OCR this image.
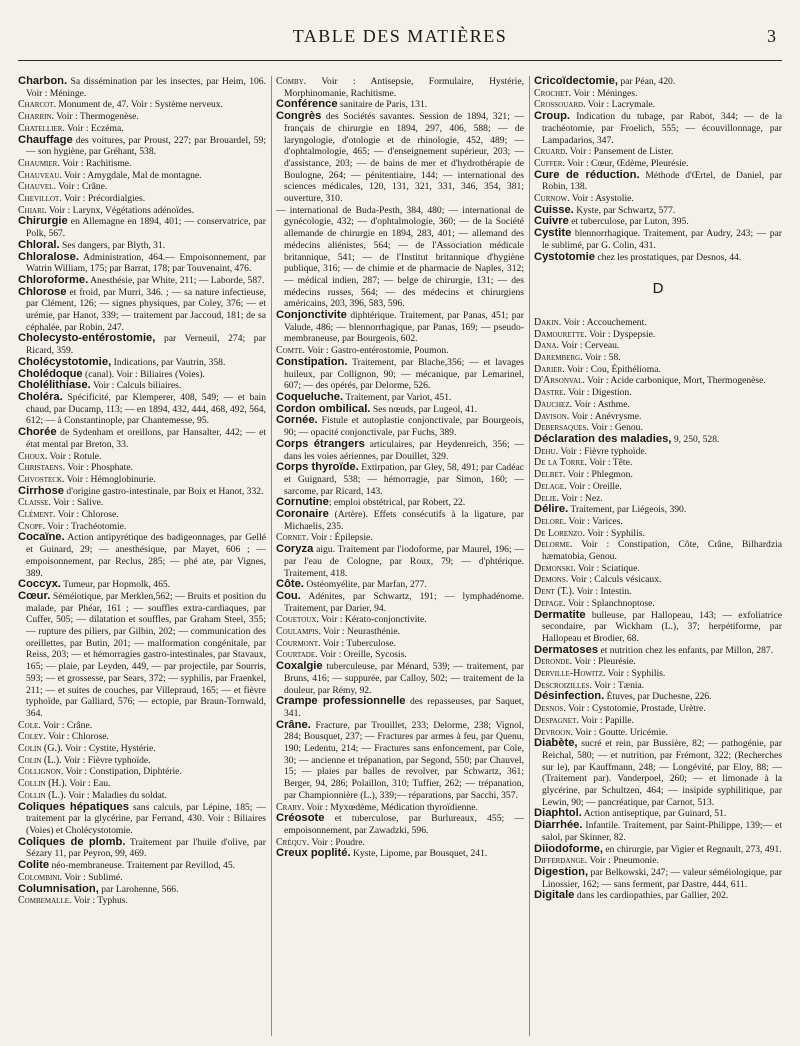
TABLE DES MATIÈRES	3

Charbon. Sa dissémination par les insectes, par Heim, 106. Voir : Méninge.

Charcot. Monument de, 47. Voir : Système nerveux.

Charrin. Voir : Thermogenèse.

Chatellier. Voir : Eczéma.

Chauffage des voitures, par Proust, 227; par Brouardel, 59; — son hygiène, par Gréhant, 538.

Chaumier. Voir : Rachitisme.

Chauveau. Voir : Amygdale, Mal de montagne.

Chauvel. Voir : Crâne.

Chevillot. Voir : Précordialgies.

Chiari. Voir : Larynx, Végétations adénoïdes.

Chirurgie en Allemagne en 1894, 401; — conservatrice, par Polk, 567.

Chloral. Ses dangers, par Blyth, 31.

Chloralose. Administration, 464.— Empoisonnement, par Watrin William, 175; par Barrat, 178; par Touvenaint, 476.

Chloroforme. Anesthésie, par White, 211; — Laborde, 587.

Chlorose et froid, par Murri, 346. ; — sa nature infectieuse, par Clément, 126; — signes physiques, par Coley, 376; — et urémie, par Hanot, 339; — traitement par Jaccoud, 181; de sa céphalée, par Robin, 247.

Cholecysto-entérostomie, par Verneuil, 274; par Ricard, 359.

Cholécystotomie, Indications, par Vautrin, 358.

Cholédoque (canal). Voir : Biliaires (Voies).

Cholélithiase. Voir : Calculs biliaires.

Choléra. Spécificité, par Klemperer, 408, 549; — et bain chaud, par Ducamp, 113; — en 1894, 432, 444, 468, 492, 564, 612; — à Constantinople, par Chantemesse, 95.

Chorée de Sydenham et oreillons, par Hansalter, 442; — et état mental par Breton, 33.

Choux. Voir : Rotule.

Christaens. Voir : Phosphate.

Chvosteck. Voir : Hémoglobinurie.

Cirrhose d'origine gastro-intestinale, par Boix et Hanot, 332.

Claisse. Voir : Salive.

Clément. Voir : Chlorose.

Cnopf. Voir : Trachéotomie.

Cocaïne. Action antipyrétique des badigeonnages, par Gellé et Guinard, 29; — anesthésique, par Mayet, 606 ; — empoisonnement, par Reclus, 285; — phé ate, par Vignes, 389.

Coccyx. Tumeur, par Hopmolk, 465.

Cœur. Séméiotique, par Merklen,562; — Bruits et position du malade, par Phéar, 161 ; — souffles extra-cardiaques, par Cuffer, 505; — dilatation et souffles, par Graham Steel, 355; — rupture des piliers, par Gilbin, 202; — communication des oreillettes, par Butin, 201; — malformation congénitale, par Reiss, 203; — et hémorragies gastro-intestinales, par Stavaux, 165; — plaie, par Leyden, 449, — par projectile, par Sourris, 593; — et grossesse, par Sears, 372; — syphilis, par Fraenkel, 211; — et suites de couches, par Villepraud, 165; — et fièvre typhoïde, par Galliard, 576; — ectopie, par Braun-Tornwald, 364.

Cole. Voir : Crâne.

Coley. Voir : Chlorose.

Colin (G.). Voir : Cystite, Hystérie.

Colin (L.). Voir : Fièvre typhoïde.

Collignon. Voir : Constipation, Diphtérie.

Collin (H.). Voir : Eau.

Collin (L.). Voir : Maladies du soldat.

Coliques hépatiques sans calculs, par Lépine, 185; — traitement par la glycérine, par Ferrand, 430. Voir : Biliaires (Voies) et Cholécystotomie.

Coliques de plomb. Traitement par l'huile d'olive, par Sézary 11, par Peyron, 99, 469.

Colite néo-membraneuse. Traitement par Revillod, 45.

Colombini. Voir : Sublimé.

Columnisation, par Larohenne, 566.

Combemalle. Voir : Typhus.

Comby. Voir : Antisepsie, Formulaire, Hystérie, Morphinomanie, Rachitisme.

Conférence sanitaire de Paris, 131.

Congrès des Sociétés savantes. Session de 1894, 321; — français de chirurgie en 1894, 297, 406, 588; — de laryngologie, d'otologie et de rhinologie, 452, 489; — d'ophtalmologie, 465; — d'enseignement supérieur, 203; — d'assistance, 203; — de bains de mer et d'hydrothérapie de Boulogne, 264; — pénitentiaire, 144; — international des sciences médicales, 120, 131, 321, 331, 346, 354, 381; ouverture, 310.

— international de Buda-Pesth, 384, 480; — international de gynécologie, 432; — d'ophtalmologie, 360; — de la Société allemande de chirurgie en 1894, 283, 401; — allemand des médecins aliénistes, 564; — de l'Association médicale britannique, 541; — de l'Institut britannique d'hygiène publique, 316; — de chimie et de pharmacie de Naples, 312; — médical indien, 287; — belge de chirurgie, 131; — des médecins russes, 564; — des médecins et chirurgiens américains, 203, 396, 583, 596.

Conjonctivite diphtérique. Traitement, par Panas, 451; par Valude, 486; — blennorrhagique, par Panas, 169; — pseudo-membraneuse, par Bourgeois, 602.

Comte. Voir : Gastro-entérostomie, Poumon.

Constipation. Traitement, par Blache,356; — et lavages huileux, par Collignon, 90; — mécanique, par Lemarinel, 607; — des opérés, par Delorme, 526.

Coqueluche. Traitement, par Variot, 451.

Cordon ombilical. Ses nœuds, par Lugeol, 41.

Cornée. Fistule et autoplastie conjonctivale, par Bourgeois, 90; — opacité conjonctivale, par Fuchs, 389.

Corps étrangers articulaires, par Heydenreich, 356; — dans les voies aériennes, par Douillet, 329.

Corps thyroïde. Extirpation, par Gley, 58, 491; par Cadéac et Guignard, 538; — hémorragie, par Simon, 160; — sarcome, par Ricard, 143.

Cornutine; emploi obstétrical, par Robert, 22.

Coronaire (Artère). Effets consécutifs à la ligature, par Michaelis, 235.

Cornet. Voir : Épilepsie.

Coryza aigu. Traitement par l'iodoforme, par Maurel, 196; — par l'eau de Cologne, par Roux, 79; — d'phtérique. Traitement, 418.

Côte. Ostéomyélite, par Marfan, 277.

Cou. Adénites, par Schwartz, 191; — lymphadénome. Traitement, par Darier, 94.

Couetoux. Voir : Kérato-conjonctivite.

Coulampis. Voir : Neurasthénie.

Courmont. Voir : Tuberculose.

Courtade. Voir : Oreille, Sycosis.

Coxalgie tuberculeuse, par Ménard, 539; — traitement, par Bruns, 416; — suppurée, par Calloy, 502; — traitement de la douleur, par Rémy, 92.

Crampe professionnelle des repasseuses, par Saquet, 341.

Crâne. Fracture, par Trouillet, 233; Delorme, 238; Vignol, 284; Bousquet, 237; — Fractures par armes à feu, par Quenu, 190; Ledentu, 214; — Fractures sans enfoncement, par Cole, 30; — ancienne et trépanation, par Segond, 550; par Chauvel, 15; — plaies par balles de revolver, par Schwartz, 361; Berger, 94, 286; Polaillon, 310; Tuffier, 262; — trépanation, par Championnière (L.), 339;— réparations, par Sacchi, 357.

Crary. Voir : Myxœdème, Médication thyroïdienne.

Créosote et tuberculose, par Burlureaux, 455; — empoisonnement, par Zawadzki, 596.

Créquy. Voir : Poudre.

Creux poplité. Kyste, Lipome, par Bousquet, 241.

Cricoïdectomie, par Péan, 420.

Crochet. Voir : Méninges.

Crossouard. Voir : Lacrymale.

Croup. Indication du tubage, par Rabot, 344; — de la trachéotomie, par Froelich, 555; — écouvillonnage, par Lampadarios, 347.

Cruard. Voir : Pansement de Lister.

Cuffer. Voir : Cœur, Œdème, Pleurésie.

Cure de réduction. Méthode d'Œrtel, de Daniel, par Robin, 138.

Curnow. Voir : Asystolie.

Cuisse. Kyste, par Schwartz, 577.

Cuivre et tuberculose, par Luton, 395.

Cystite blennorrhagique. Traitement, par Audry, 243; — par le sublimé, par G. Colin, 431.

Cystotomie chez les prostatiques, par Desnos, 44.

D

Dakin. Voir : Accouchement.

Damourette. Voir : Dyspepsie.

Dana. Voir : Cerveau.

Daremberg. Voir : 58.

Darier. Voir : Cou, Épithélioma.

D'Arsonval. Voir : Acide carbonique, Mort, Thermogenèse.

Dastre. Voir : Digestion.

Dauchez. Voir : Asthme.

Davison. Voir : Anévrysme.

Debersaques. Voir : Genou.

Déclaration des maladies, 9, 250, 528.

Dehu. Voir : Fièvre typhoïde.

De la Torre. Voir : Tête.

Delbet. Voir : Phlegmon.

Delage. Voir : Oreille.

Delie. Voir : Nez.

Délire. Traitement, par Liégeois, 390.

Delore. Voir : Varices.

De Lorenzo. Voir : Syphilis.

Delorme. Voir : Constipation, Côte, Crâne, Bilhardzia hæmatobia, Genou.

Demonski. Voir : Sciatique.

Demons. Voir : Calculs vésicaux.

Dent (T.). Voir : Intestin.

Depage. Voir : Splanchnoptose.

Dermatite bulleuse, par Hallopeau, 143; — exfoliatrice secondaire, par Wickham (L.), 37; herpétiforme, par Hallopeau et Brodier, 68.

Dermatoses et nutrition chez les enfants, par Millon, 287.

Deronde. Voir : Pleurésie.

Derville-Howitz. Voir : Syphilis.

Descroizilles. Voir : Tænia.

Désinfection. Étuves, par Duchesne, 226.

Desnos. Voir : Cystotomie, Prostade, Urètre.

Despagnet. Voir : Papille.

Devroon. Voir : Goutte. Uricémie.

Diabète, sucré et rein, par Bussière, 82; — pathogénie, par Reichal, 580; — et nutrition, par Frémont, 322; (Recherches sur le), par Kauffmann, 248; — Longévité, par Eloy, 88; — (Traitement par). Vanderpoel, 260; — et limonade à la glycérine, par Schultzen, 464; — insipide syphilitique, par Lewin, 90; — pancréatique, par Carnot, 513.

Diaphtol. Action antiseptique, par Guinard, 51.

Diarrhée. Infantile. Traitement, par Saint-Philippe, 139;— et salol, par Skinner, 82.

Diiodoforme, en chirurgie, par Vigier et Regnault, 273, 491.

Differdange. Voir : Pneumonie.

Digestion, par Belkowski, 247; — valeur séméiologique, par Linossier, 162; — sans ferment, par Dastre, 444, 611.

Digitale dans les cardiopathies, par Gallier, 202.
